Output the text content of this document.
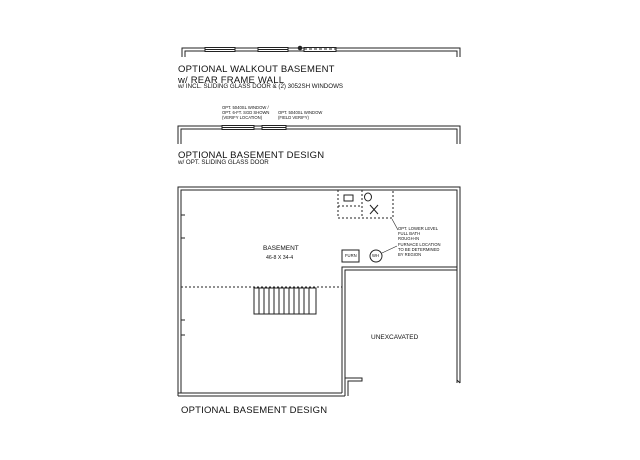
OPTIONAL WALKOUT BASEMENT
w/ REAR FRAME WALL
w/ INCL. SLIDING GLASS DOOR & (2) 3052SH WINDOWS
OPT. 5040SL WINDOW /
OPT. 6-FT. SGD SHOWN
(VERIFY LOCATION)
OPT. 5040SL WINDOW
(FIELD VERIFY)
OPTIONAL BASEMENT DESIGN
w/ OPT. SLIDING GLASS DOOR
OPT. LOWER LEVEL
FULL BATH
ROUGH-IN
FURNACE LOCATION
TO BE DETERMINED
BY REGION
FURN	WH
BASEMENT
46-8 X 34-4
UNEXCAVATED
OPTIONAL BASEMENT DESIGN
